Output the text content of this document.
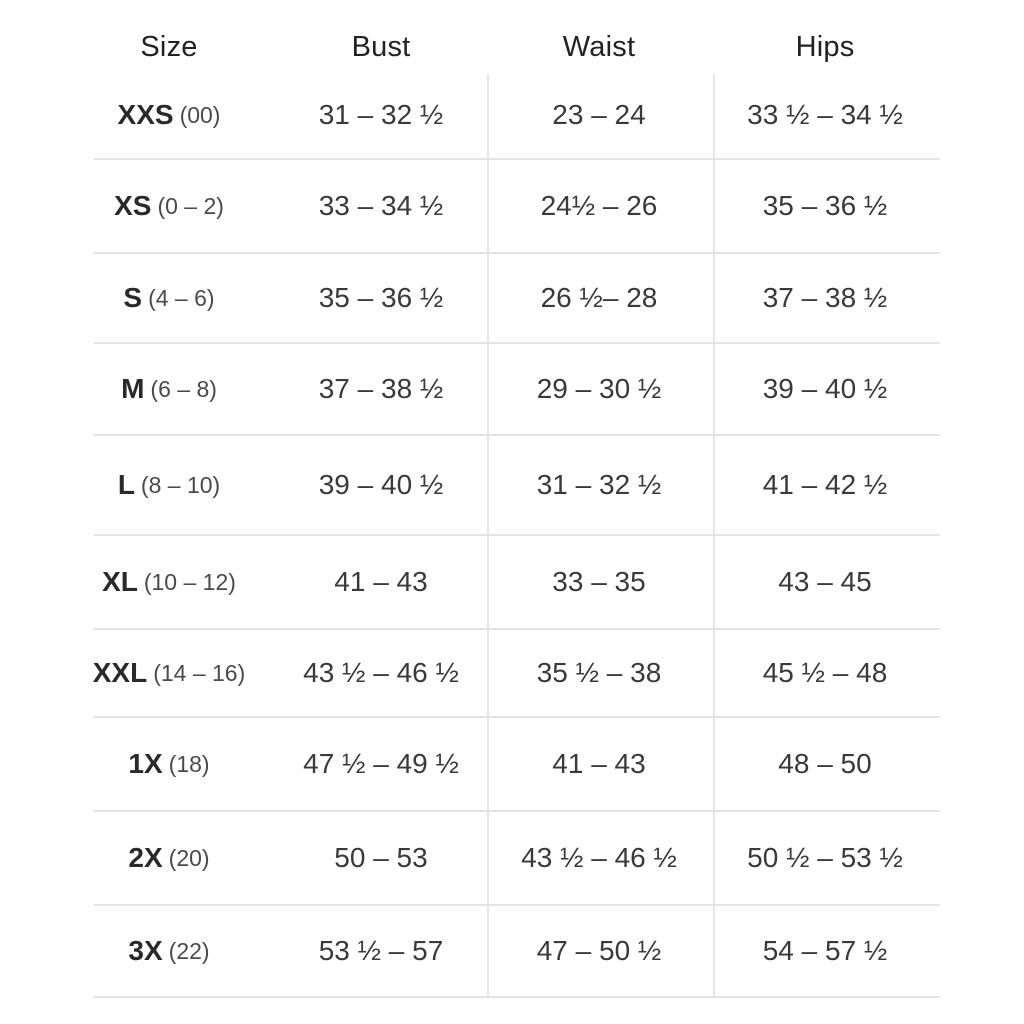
Size	Bust	Waist	Hips
XXS (00)	31 – 32 ½	23 – 24	33 ½ – 34 ½
XS (0 – 2)	33 – 34 ½	24½ – 26	35 – 36 ½
S (4 – 6)	35 – 36 ½	26 ½– 28	37 – 38 ½
M (6 – 8)	37 – 38 ½	29 – 30 ½	39 – 40 ½
L (8 – 10)	39 – 40 ½	31 – 32 ½	41 – 42 ½
XL (10 – 12)	41 – 43	33 – 35	43 – 45
XXL (14 – 16)	43 ½ – 46 ½	35 ½ – 38	45 ½ – 48
1X (18)	47 ½ – 49 ½	41 – 43	48 – 50
2X (20)	50 – 53	43 ½ – 46 ½	50 ½ – 53 ½
3X (22)	53 ½ – 57	47 – 50 ½	54 – 57 ½
